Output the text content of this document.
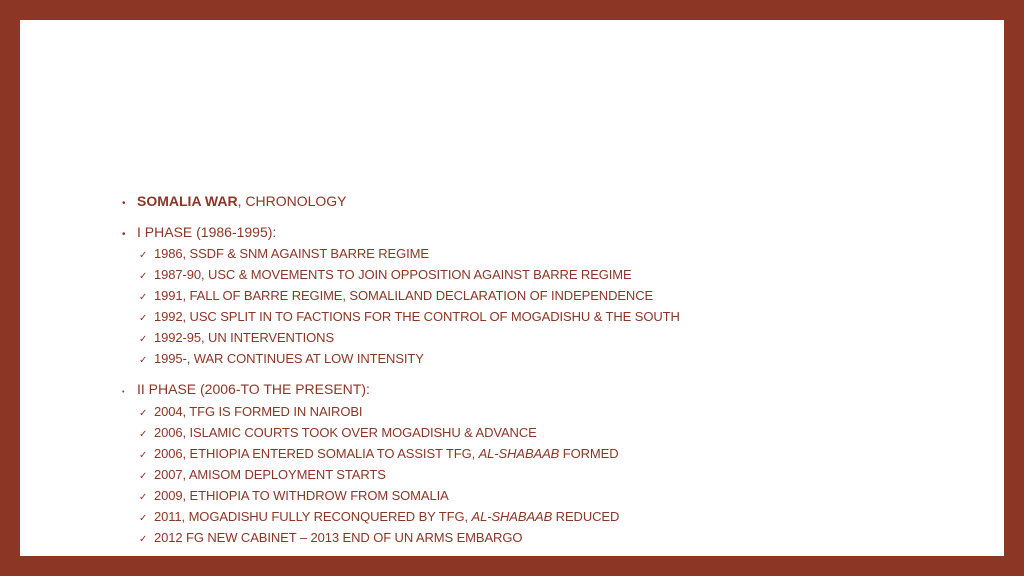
• SOMALIA WAR, CHRONOLOGY
• I PHASE (1986-1995):
✓ 1986, SSDF & SNM AGAINST BARRE REGIME
✓ 1987-90, USC & MOVEMENTS TO JOIN OPPOSITION AGAINST BARRE REGIME
✓ 1991, FALL OF BARRE REGIME, SOMALILAND DECLARATION OF INDEPENDENCE
✓ 1992, USC SPLIT IN TO FACTIONS FOR THE CONTROL OF MOGADISHU & THE SOUTH
✓ 1992-95, UN INTERVENTIONS
✓ 1995-, WAR CONTINUES AT LOW INTENSITY
• II PHASE (2006-TO THE PRESENT):
✓ 2004, TFG IS FORMED IN NAIROBI
✓ 2006, ISLAMIC COURTS TOOK OVER MOGADISHU & ADVANCE
✓ 2006, ETHIOPIA ENTERED SOMALIA TO ASSIST TFG, AL-SHABAAB FORMED
✓ 2007, AMISOM DEPLOYMENT STARTS
✓ 2009, ETHIOPIA TO WITHDROW FROM SOMALIA
✓ 2011, MOGADISHU FULLY RECONQUERED BY TFG, AL-SHABAAB REDUCED
✓ 2012 FG NEW CABINET – 2013 END OF UN ARMS EMBARGO
